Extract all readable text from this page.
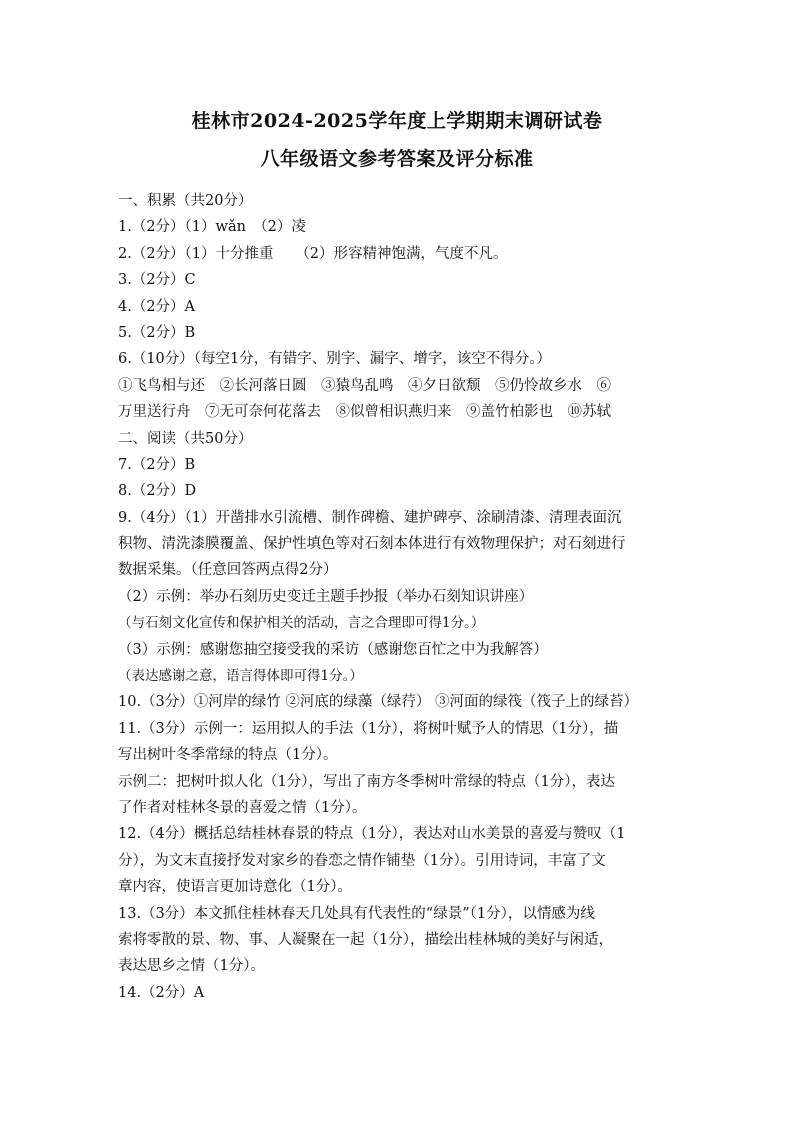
桂林市2024-2025学年度上学期期末调研试卷
八年级语文参考答案及评分标准
一、积累（共20分）
1.（2分）（1）wǎn　（2）凌
2.（2分）（1）十分推重　　（2）形容精神饱满，气度不凡。
3.（2分）C
4.（2分）A
5.（2分）B
6.（10分）（每空1分，有错字、别字、漏字、增字，该空不得分。）
①飞鸟相与还　②长河落日圆　③猿鸟乱鸣　④夕日欲颓　⑤仍怜故乡水　⑥
万里送行舟　⑦无可奈何花落去　⑧似曾相识燕归来　⑨盖竹柏影也　⑩苏轼
二、阅读（共50分）
7.（2分）B
8.（2分）D
9.（4分）（1）开凿排水引流槽、制作碑檐、建护碑亭、涂刷清漆、清理表面沉
积物、清洗漆膜覆盖、保护性填色等对石刻本体进行有效物理保护；对石刻进行
数据采集。（任意回答两点得2分）
（2）示例：举办石刻历史变迁主题手抄报（举办石刻知识讲座）
（与石刻文化宣传和保护相关的活动，言之合理即可得1分。）
（3）示例：感谢您抽空接受我的采访（感谢您百忙之中为我解答）
（表达感谢之意，语言得体即可得1分。）
10.（3分）①河岸的绿竹 ②河底的绿藻（绿荇） ③河面的绿筏（筏子上的绿苔）
11.（3分）示例一：运用拟人的手法（1分），将树叶赋予人的情思（1分），描
写出树叶冬季常绿的特点（1分）。
示例二：把树叶拟人化（1分），写出了南方冬季树叶常绿的特点（1分），表达
了作者对桂林冬景的喜爱之情（1分）。
12.（4分）概括总结桂林春景的特点（1分），表达对山水美景的喜爱与赞叹（1
分），为文末直接抒发对家乡的眷恋之情作铺垫（1分）。引用诗词，丰富了文
章内容，使语言更加诗意化（1分）。
13.（3分）本文抓住桂林春天几处具有代表性的“绿景”（1分），以情感为线
索将零散的景、物、事、人凝聚在一起（1分），描绘出桂林城的美好与闲适，
表达思乡之情（1分）。
14.（2分）A
